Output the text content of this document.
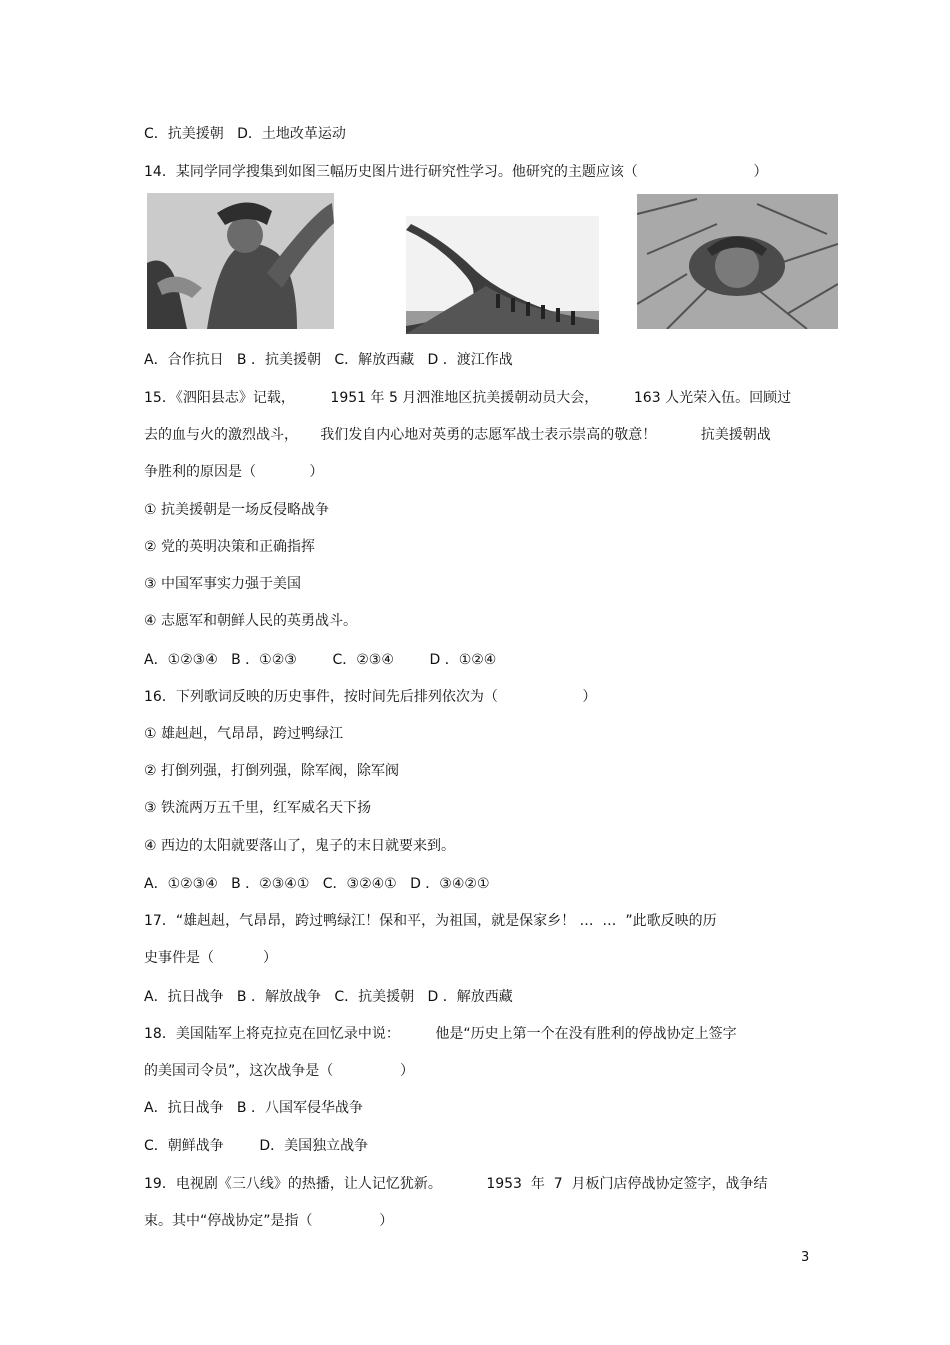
C．抗美援朝   D．土地改革运动
14．某同学同学搜集到如图三幅历史图片进行研究性学习。他研究的主题应该（                          ）
A．合作抗日   B ．抗美援朝   C．解放西藏   D ．渡江作战
15．《泗阳县志》记载，        1951 年 5 月泗淮地区抗美援朝动员大会，        163 人光荣入伍。回顾过
去的血与火的激烈战斗，     我们发自内心地对英勇的志愿军战士表示崇高的敬意！          抗美援朝战
争胜利的原因是（            ）
① 抗美援朝是一场反侵略战争
② 党的英明决策和正确指挥
③ 中国军事实力强于美国
④ 志愿军和朝鲜人民的英勇战斗。
A．①②③④   B ．①②③        C．②③④        D ．①②④
16．下列歌词反映的历史事件，按时间先后排列依次为（                   ）
① 雄赳赳，气昂昂，跨过鸭绿江
② 打倒列强，打倒列强，除军阀，除军阀
③ 铁流两万五千里，红军威名天下扬
④ 西边的太阳就要落山了，鬼子的末日就要来到。
A．①②③④   B ．②③④①   C．③②④①   D ．③④②①
17．“雄赳赳，气昂昂，跨过鸭绿江！保和平，为祖国，就是保家乡！ …  …  ”此歌反映的历
史事件是（           ）
A．抗日战争   B ．解放战争   C．抗美援朝   D ．解放西藏
18．美国陆军上将克拉克在回忆录中说：        他是“历史上第一个在没有胜利的停战协定上签字
的美国司令员”，这次战争是（               ）
A．抗日战争   B ．八国军侵华战争
C．朝鲜战争        D．美国独立战争
19．电视剧《三八线》的热播，让人记忆犹新。          1953  年  7  月板门店停战协定签字，战争结
束。其中“停战协定”是指（               ）
3
